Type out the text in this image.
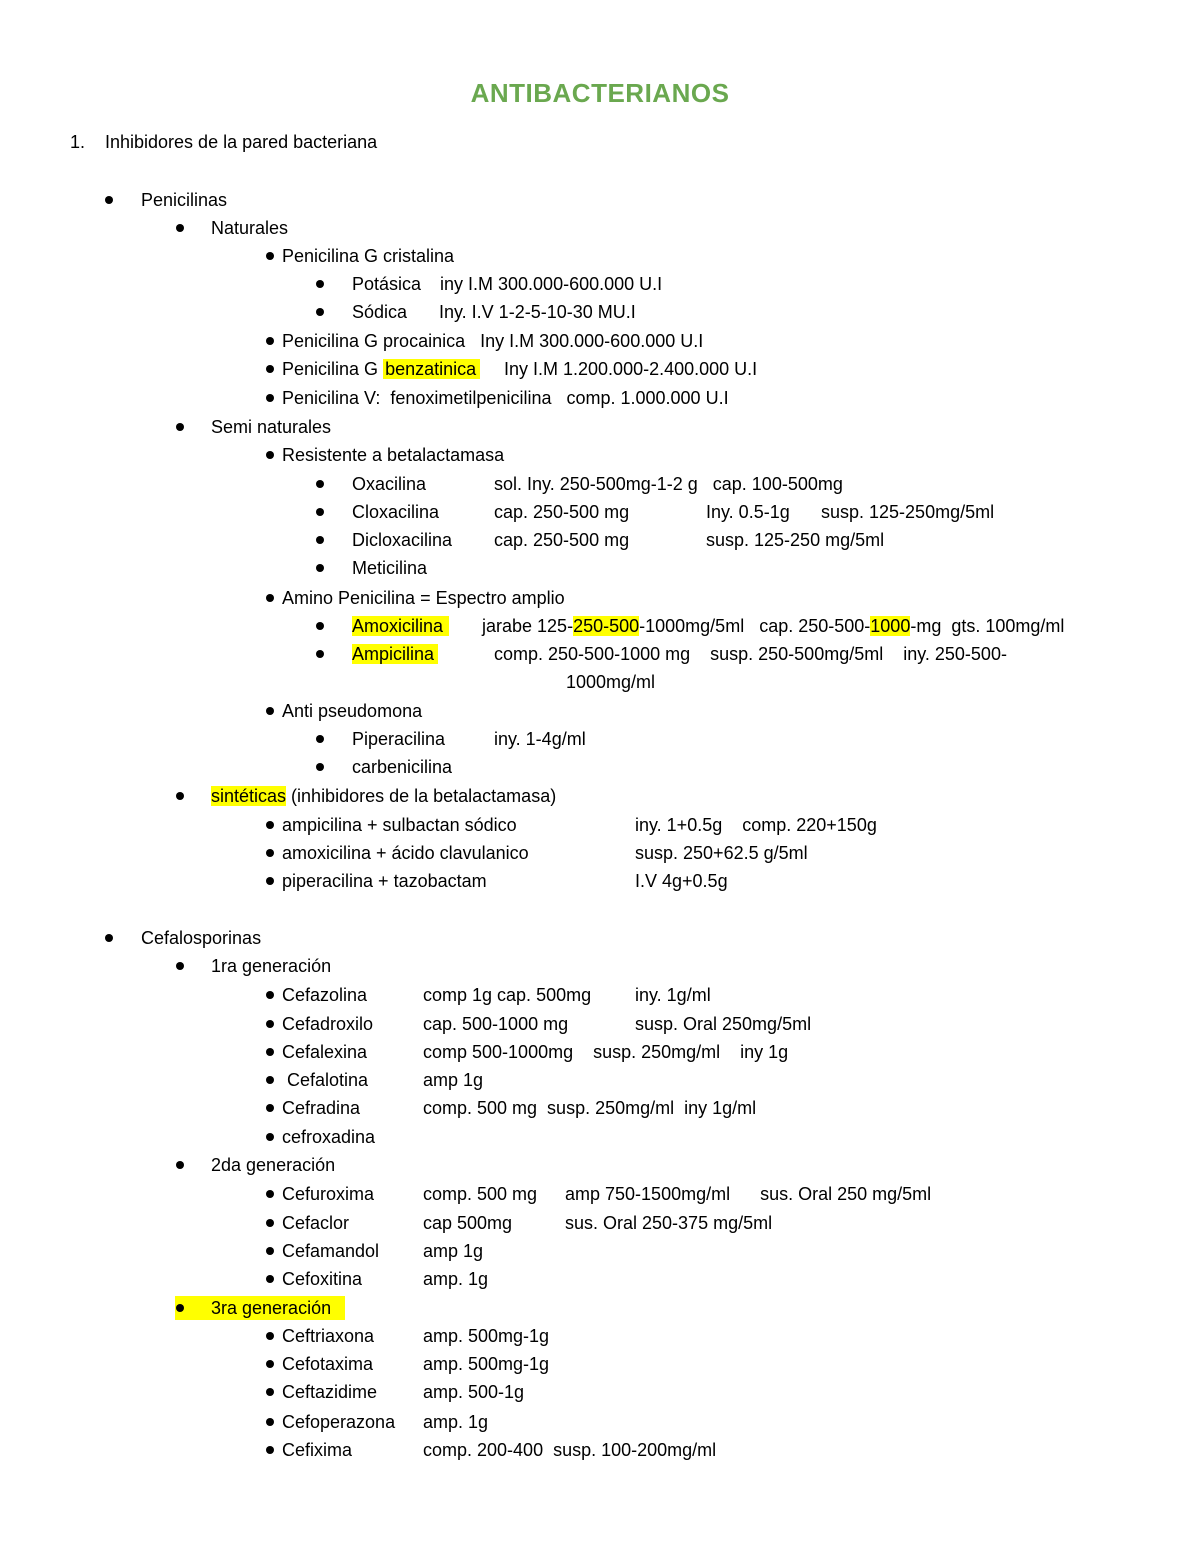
ANTIBACTERIANOS
1. Inhibidores de la pared bacteriana
Penicilinas
Naturales
Penicilina G cristalina
Potásica iny I.M 300.000-600.000 U.I
Sódica Iny. I.V 1-2-5-10-30 MU.I
Penicilina G procainica   Iny I.M 300.000-600.000 U.I
Penicilina G benzatinica Iny I.M 1.200.000-2.400.000 U.I
Penicilina V:  fenoximetilpenicilina   comp. 1.000.000 U.I
Semi naturales
Resistente a betalactamasa
Oxacilina	sol. Iny. 250-500mg-1-2 g   cap. 100-500mg
Cloxacilina	cap. 250-500 mg	Iny. 0.5-1g susp. 125-250mg/5ml
Dicloxacilina cap. 250-500 mg	susp. 125-250 mg/5ml
Meticilina
Amino Penicilina = Espectro amplio
Amoxicilina	jarabe 125-250-500-1000mg/5ml   cap. 250-500-1000-mg  gts. 100mg/ml
Ampicilina	comp. 250-500-1000 mg    susp. 250-500mg/5ml    iny. 250-500-
1000mg/ml
Anti pseudomona
Piperacilina	iny. 1-4g/ml
carbenicilina
sintéticas (inhibidores de la betalactamasa)
ampicilina + sulbactan sódico	iny. 1+0.5g    comp. 220+150g
amoxicilina + ácido clavulanico	susp. 250+62.5 g/5ml
piperacilina + tazobactam	I.V 4g+0.5g
Cefalosporinas
1ra generación
Cefazolina	comp 1g cap. 500mg iny. 1g/ml
Cefadroxilo	cap. 500-1000 mg	susp. Oral 250mg/5ml
Cefalexina	comp 500-1000mg    susp. 250mg/ml    iny 1g
Cefalotina	amp 1g
Cefradina	comp. 500 mg  susp. 250mg/ml  iny 1g/ml
cefroxadina
2da generación
Cefuroxima	comp. 500 mg amp 750-1500mg/ml      sus. Oral 250 mg/5ml
Cefaclor	cap 500mg	sus. Oral 250-375 mg/5ml
Cefamandol amp 1g
Cefoxitina	amp. 1g
3ra generación
Ceftriaxona	amp. 500mg-1g
Cefotaxima	amp. 500mg-1g
Ceftazidime	amp. 500-1g
Cefoperazona amp. 1g
Cefixima	comp. 200-400  susp. 100-200mg/ml
